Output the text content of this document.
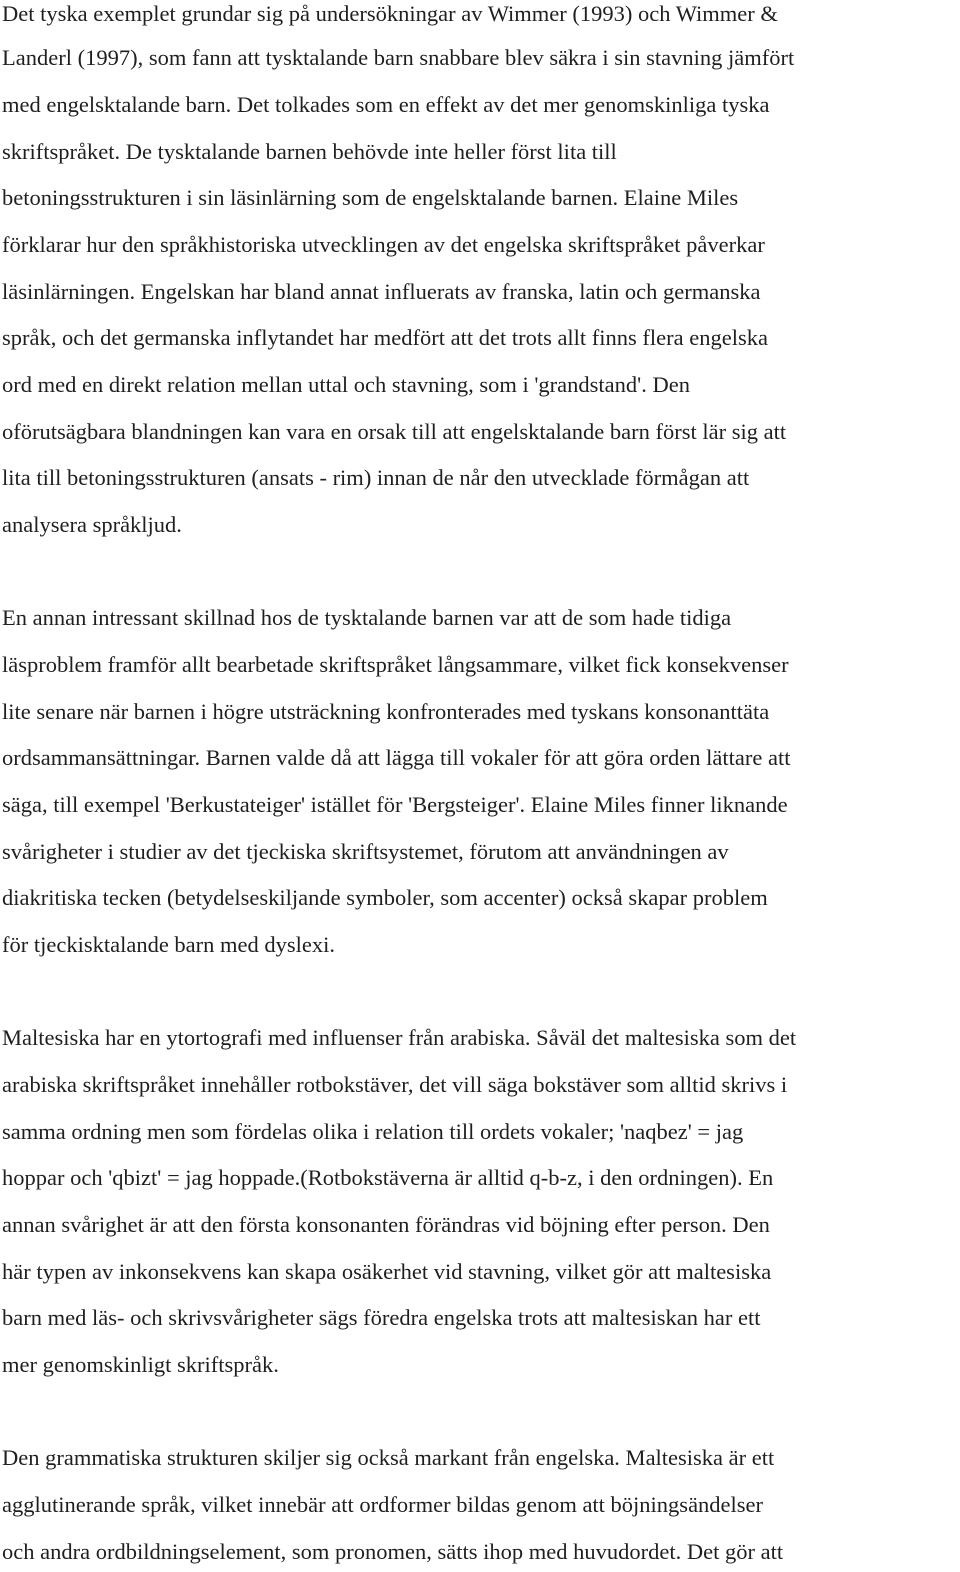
Det tyska exemplet grundar sig på undersökningar av Wimmer (1993) och Wimmer &
Landerl (1997), som fann att tysktalande barn snabbare blev säkra i sin stavning jämfört
med engelsktalande barn. Det tolkades som en effekt av det mer genomskinliga tyska
skriftspråket. De tysktalande barnen behövde inte heller först lita till
betoningsstrukturen i sin läsinlärning som de engelsktalande barnen. Elaine Miles
förklarar hur den språkhistoriska utvecklingen av det engelska skriftspråket påverkar
läsinlärningen. Engelskan har bland annat influerats av franska, latin och germanska
språk, och det germanska inflytandet har medfört att det trots allt finns flera engelska
ord med en direkt relation mellan uttal och stavning, som i 'grandstand'. Den
oförutsägbara blandningen kan vara en orsak till att engelsktalande barn först lär sig att
lita till betoningsstrukturen (ansats - rim) innan de når den utvecklade förmågan att
analysera språkljud.
En annan intressant skillnad hos de tysktalande barnen var att de som hade tidiga
läsproblem framför allt bearbetade skriftspråket långsammare, vilket fick konsekvenser
lite senare när barnen i högre utsträckning konfronterades med tyskans konsonanttäta
ordsammansättningar. Barnen valde då att lägga till vokaler för att göra orden lättare att
säga, till exempel 'Berkustateiger' istället för 'Bergsteiger'. Elaine Miles finner liknande
svårigheter i studier av det tjeckiska skriftsystemet, förutom att användningen av
diakritiska tecken (betydelseskiljande symboler, som accenter) också skapar problem
för tjeckisktalande barn med dyslexi.
Maltesiska har en ytortografi med influenser från arabiska. Såväl det maltesiska som det
arabiska skriftspråket innehåller rotbokstäver, det vill säga bokstäver som alltid skrivs i
samma ordning men som fördelas olika i relation till ordets vokaler; 'naqbez' = jag
hoppar och 'qbizt' = jag hoppade.(Rotbokstäverna är alltid q-b-z, i den ordningen). En
annan svårighet är att den första konsonanten förändras vid böjning efter person. Den
här typen av inkonsekvens kan skapa osäkerhet vid stavning, vilket gör att maltesiska
barn med läs- och skrivsvårigheter sägs föredra engelska trots att maltesiskan har ett
mer genomskinligt skriftspråk.
Den grammatiska strukturen skiljer sig också markant från engelska. Maltesiska är ett
agglutinerande språk, vilket innebär att ordformer bildas genom att böjningsändelser
och andra ordbildningselement, som pronomen, sätts ihop med huvudordet. Det gör att
